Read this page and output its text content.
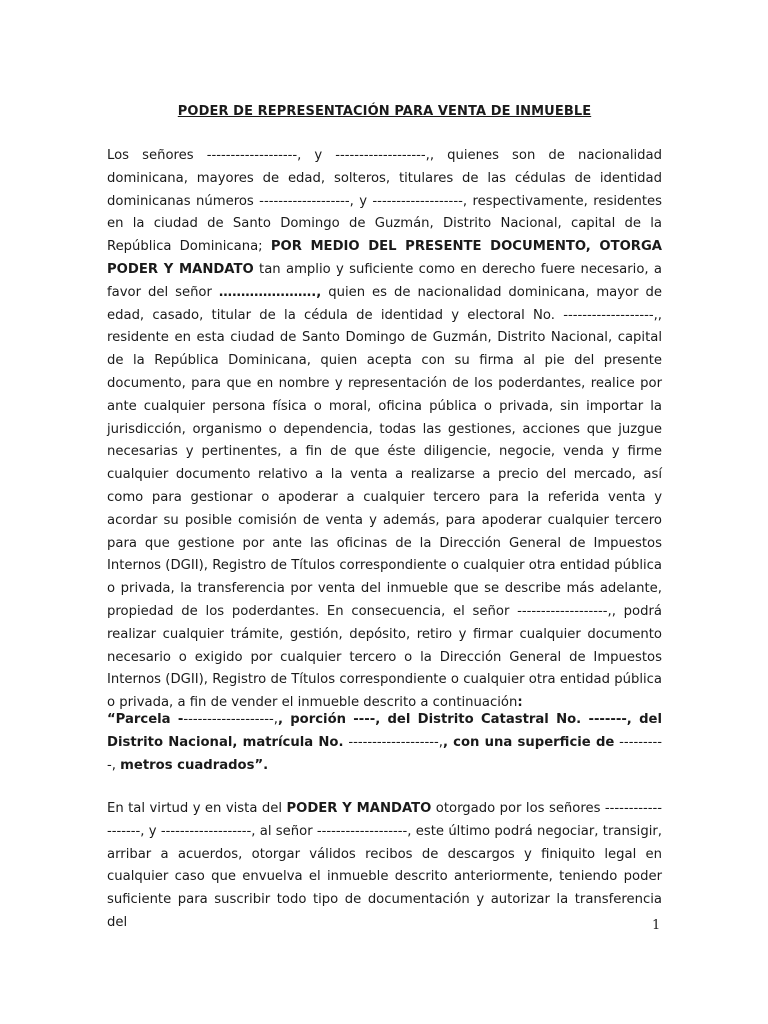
PODER DE REPRESENTACIÓN PARA VENTA DE INMUEBLE

Los señores -------------------, y -------------------,, quienes son de nacionalidad dominicana, mayores de edad, solteros, titulares de las cédulas de identidad dominicanas números -------------------, y -------------------, respectivamente, residentes en la ciudad de Santo Domingo de Guzmán, Distrito Nacional, capital de la República Dominicana; POR MEDIO DEL PRESENTE DOCUMENTO, OTORGA PODER Y MANDATO tan amplio y suficiente como en derecho fuere necesario, a favor del señor …………………., quien es de nacionalidad dominicana, mayor de edad, casado, titular de la cédula de identidad y electoral No. -------------------,, residente en esta ciudad de Santo Domingo de Guzmán, Distrito Nacional, capital de la República Dominicana, quien acepta con su firma al pie del presente documento, para que en nombre y representación de los poderdantes, realice por ante cualquier persona física o moral, oficina pública o privada, sin importar la jurisdicción, organismo o dependencia, todas las gestiones, acciones que juzgue necesarias y pertinentes, a fin de que éste diligencie, negocie, venda y firme cualquier documento relativo a la venta a realizarse a precio del mercado, así como para gestionar o apoderar a cualquier tercero para la referida venta y acordar su posible comisión de venta y además, para apoderar cualquier tercero para que gestione por ante las oficinas de la Dirección General de Impuestos Internos (DGII), Registro de Títulos correspondiente o cualquier otra entidad pública o privada, la transferencia por venta del inmueble que se describe más adelante, propiedad de los poderdantes. En consecuencia, el señor -------------------,, podrá realizar cualquier trámite, gestión, depósito, retiro y firmar cualquier documento necesario o exigido por cualquier tercero o la Dirección General de Impuestos Internos (DGII), Registro de Títulos correspondiente o cualquier otra entidad pública o privada, a fin de vender el inmueble descrito a continuación:

“Parcela --------------------,, porción ----, del Distrito Catastral No. -------, del Distrito Nacional, matrícula No. -------------------,, con una superficie de ----------, metros cuadrados”.

En tal virtud y en vista del PODER Y MANDATO otorgado por los señores -------------------, y -------------------, al señor -------------------, este último podrá negociar, transigir, arribar a acuerdos, otorgar válidos recibos de descargos y finiquito legal en cualquier caso que envuelva el inmueble descrito anteriormente, teniendo poder suficiente para suscribir todo tipo de documentación y autorizar la transferencia del	1
